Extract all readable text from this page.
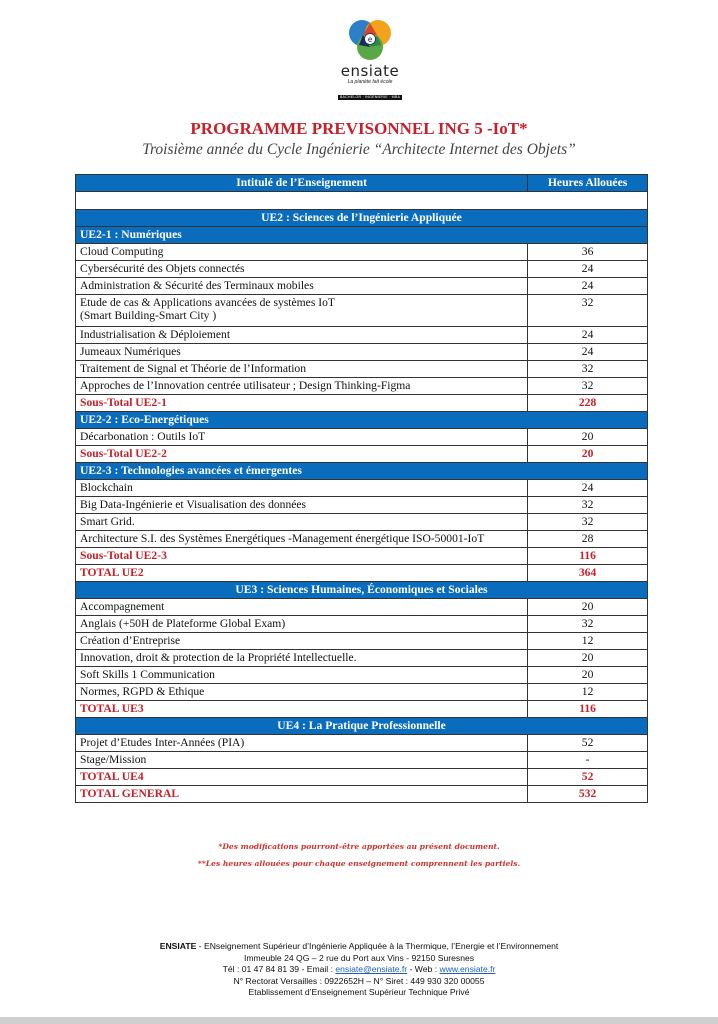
e
ensiate
La planète fait école
BACHELOR · INGÉNIERIE · MBA
PROGRAMME PREVISONNEL ING 5 -IoT*
Troisième année du Cycle Ingénierie “Architecte Internet des Objets”
Intitulé de l’Enseignement	Heures Allouées

UE2 : Sciences de l’Ingénierie Appliquée	
UE2-1 : Numériques	
Cloud Computing	36
Cybersécurité des Objets connectés	24
Administration & Sécurité des Terminaux mobiles	24
Etude de cas & Applications avancées de systèmes IoT
(Smart Building-Smart City )	32
Industrialisation & Déploiement	24
Jumeaux Numériques	24
Traitement de Signal et Théorie de l’Information	32
Approches de l’Innovation centrée utilisateur ; Design Thinking-Figma	32
Sous-Total UE2-1	228
UE2-2 : Eco-Energétiques	
Décarbonation : Outils IoT	20
Sous-Total UE2-2	20
UE2-3 : Technologies avancées et émergentes	
Blockchain	24
Big Data-Ingénierie et Visualisation des données	32
Smart Grid.	32
Architecture S.I. des Systèmes Energétiques -Management énergétique ISO-50001-IoT	28
Sous-Total UE2-3	116
TOTAL UE2	364
UE3 : Sciences Humaines, Économiques et Sociales	
Accompagnement	20
Anglais (+50H de Plateforme Global Exam)	32
Création d’Entreprise	12
Innovation, droit & protection de la Propriété Intellectuelle.	20
Soft Skills 1 Communication	20
Normes, RGPD & Ethique	12
TOTAL UE3	116
UE4 : La Pratique Professionnelle	
Projet d’Etudes Inter-Années (PIA)	52
Stage/Mission	-
TOTAL UE4	52
TOTAL GENERAL	532
*Des modifications pourront-être apportées au présent document.
**Les heures allouées pour chaque enseignement comprennent les partiels.
ENSIATE - ENseignement Supérieur d’Ingénierie Appliquée à la Thermique, l’Energie et l’Environnement
Immeuble 24 QG – 2 rue du Port aux Vins - 92150 Suresnes
Tél : 01 47 84 81 39 - Email : ensiate@ensiate.fr - Web : www.ensiate.fr
N° Rectorat Versailles : 0922652H – N° Siret : 449 930 320 00055
Etablissement d’Enseignement Supérieur Technique Privé
